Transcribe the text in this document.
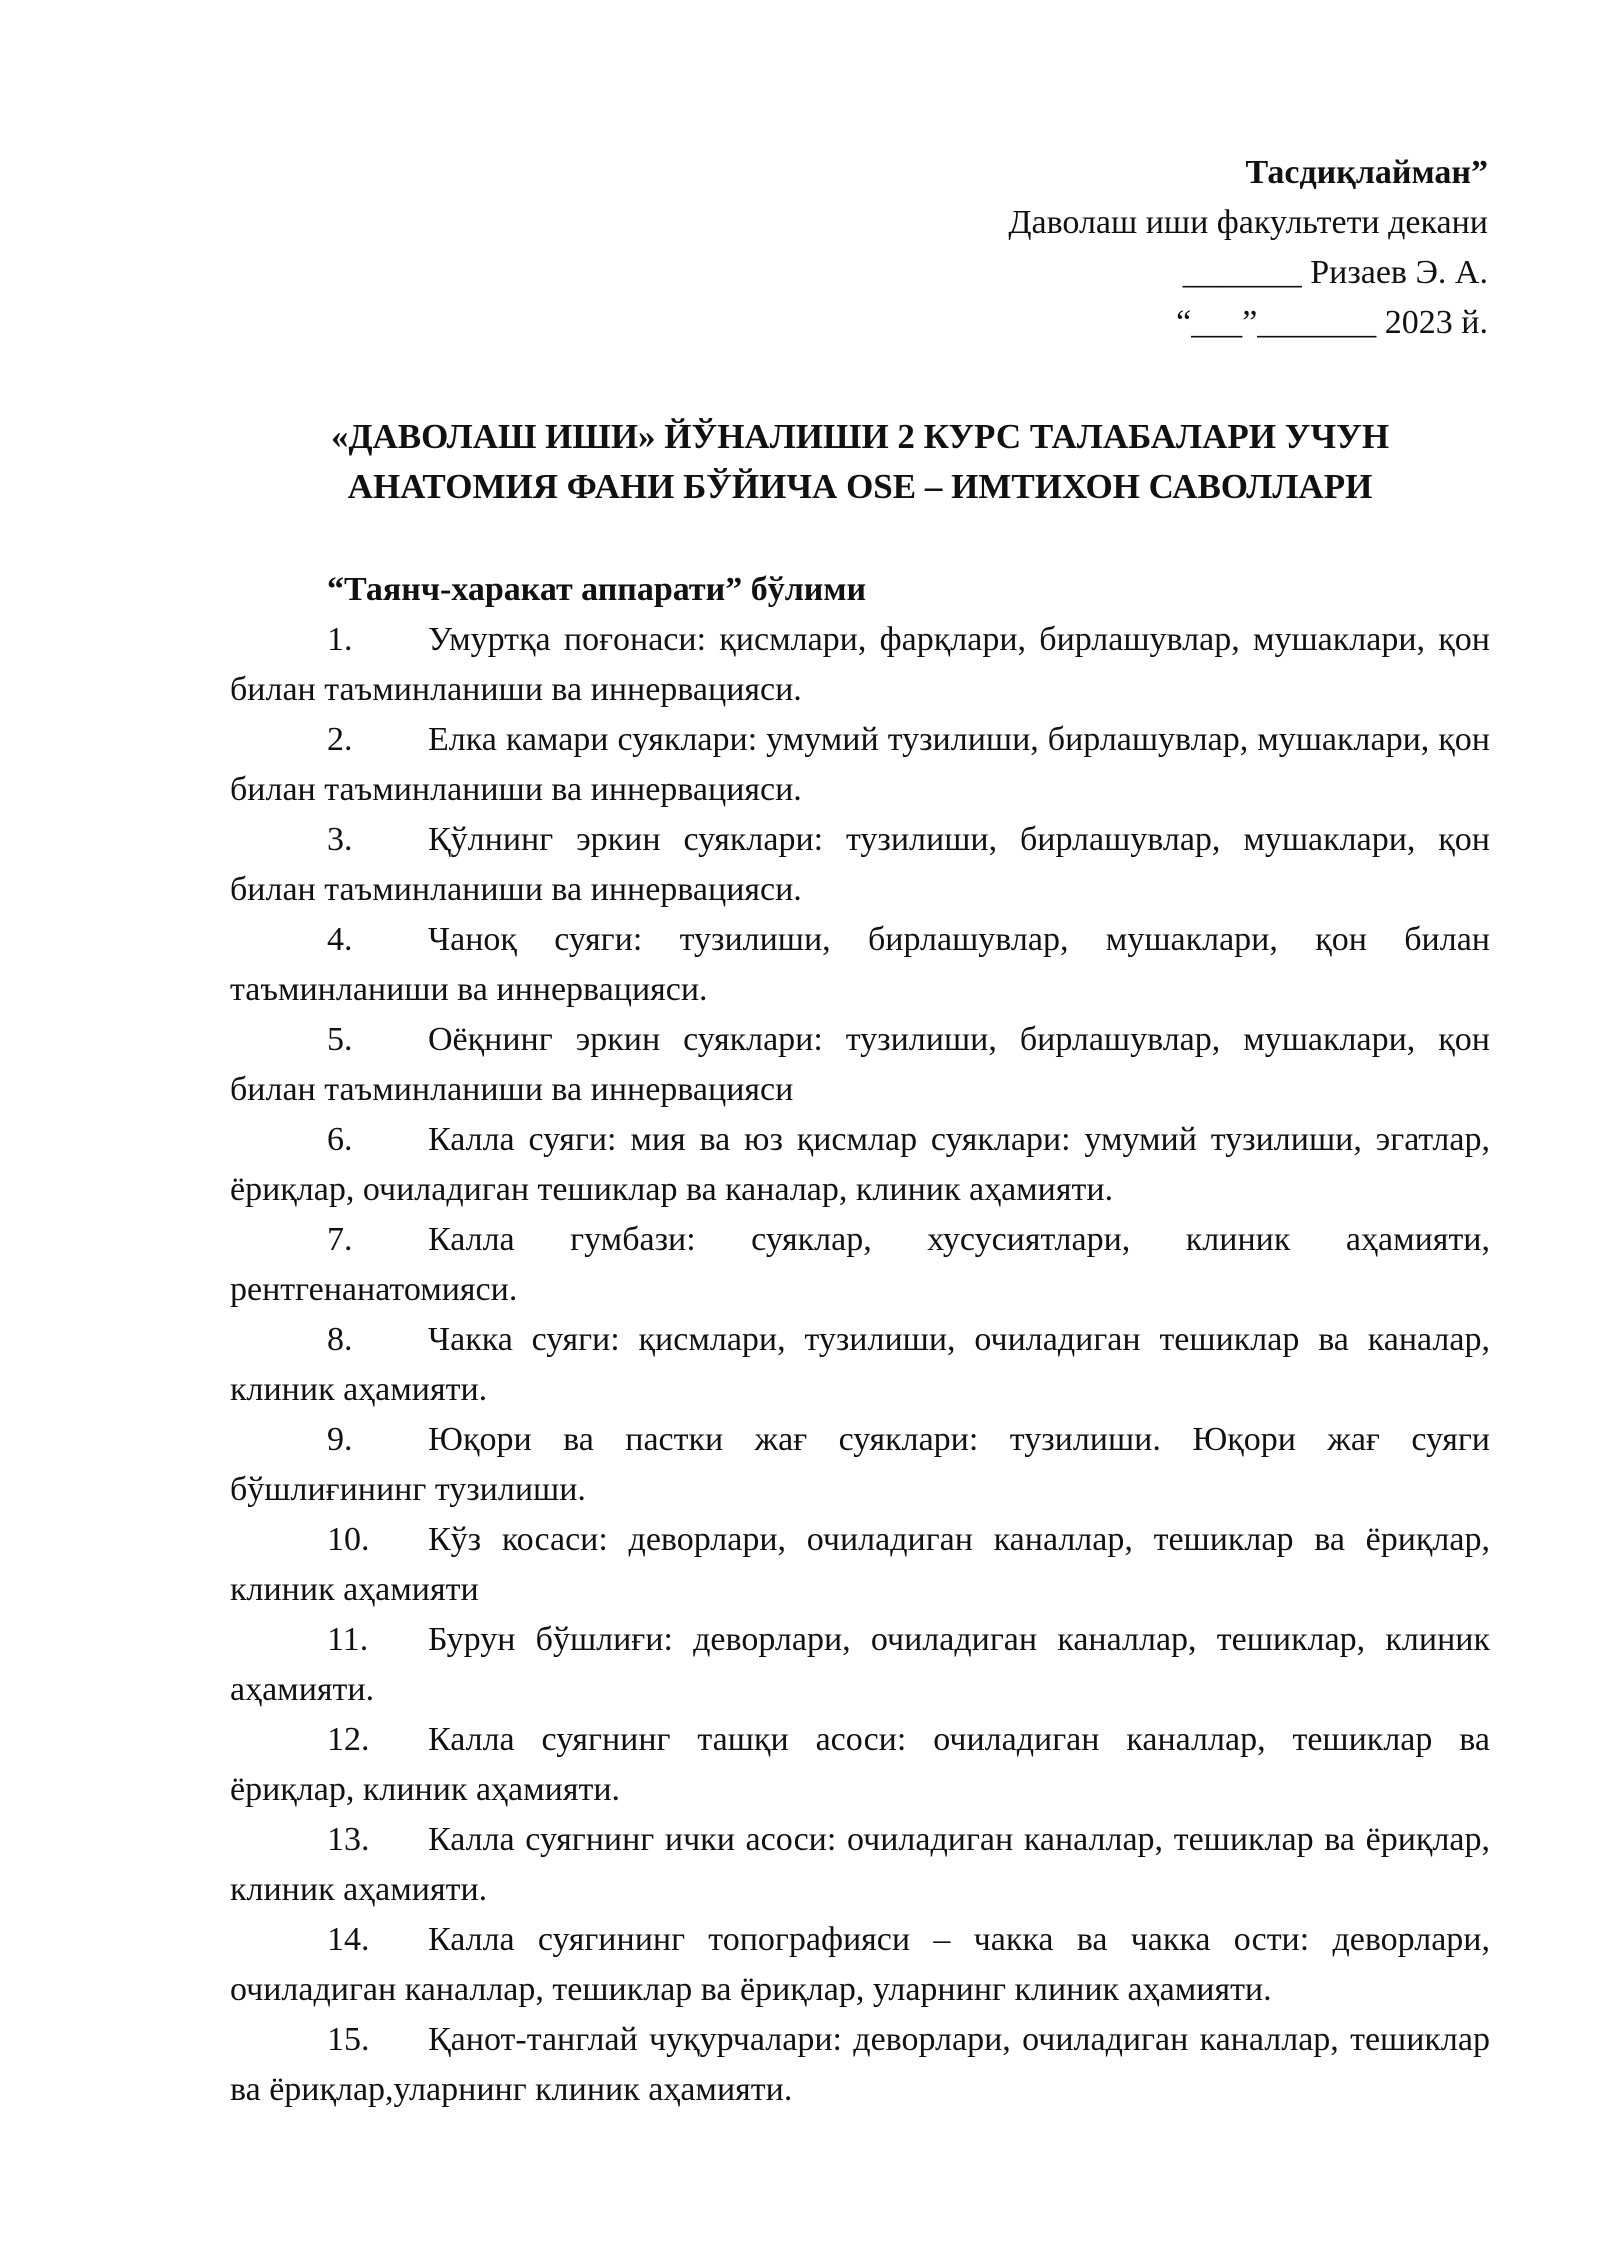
Тасдиқлайман”
Даволаш иши факультети декани
_______ Ризаев Э. А.
“___”_______ 2023 й.
«ДАВОЛАШ ИШИ» ЙЎНАЛИШИ 2 КУРС ТАЛАБАЛАРИ УЧУН
АНАТОМИЯ ФАНИ БЎЙИЧА OSE – ИМТИХОН САВОЛЛАРИ
“Таянч-харакат аппарати” бўлими
1. Умуртқа поғонаси: қисмлари, фарқлари, бирлашувлар, мушаклари, қон билан таъминланиши ва иннервацияси.
2. Елка камари суяклари: умумий тузилиши, бирлашувлар, мушаклари, қон билан таъминланиши ва иннервацияси.
3. Қўлнинг эркин суяклари: тузилиши, бирлашувлар, мушаклари, қон билан таъминланиши ва иннервацияси.
4. Чаноқ суяги: тузилиши, бирлашувлар, мушаклари, қон билан таъминланиши ва иннервацияси.
5. Оёқнинг эркин суяклари: тузилиши, бирлашувлар, мушаклари, қон билан таъминланиши ва иннервацияси
6. Калла суяги: мия ва юз қисмлар суяклари: умумий тузилиши, эгатлар, ёриқлар, очиладиган тешиклар ва каналар, клиник аҳамияти.
7. Калла гумбази: суяклар, хусусиятлари, клиник аҳамияти, рентгенанатомияси.
8. Чакка суяги: қисмлари, тузилиши, очиладиган тешиклар ва каналар, клиник аҳамияти.
9. Юқори ва пастки жағ суяклари: тузилиши. Юқори жағ суяги бўшлиғининг тузилиши.
10. Кўз косаси: деворлари, очиладиган каналлар, тешиклар ва ёриқлар, клиник аҳамияти
11. Бурун бўшлиғи: деворлари, очиладиган каналлар, тешиклар, клиник аҳамияти.
12. Калла суягнинг ташқи асоси: очиладиган каналлар, тешиклар ва ёриқлар, клиник аҳамияти.
13. Калла суягнинг ички асоси: очиладиган каналлар, тешиклар ва ёриқлар, клиник аҳамияти.
14. Калла суягининг топографияси – чакка ва чакка ости: деворлари, очиладиган каналлар, тешиклар ва ёриқлар, уларнинг клиник аҳамияти.
15. Қанот-танглай чуқурчалари: деворлари, очиладиган каналлар, тешиклар ва ёриқлар,уларнинг клиник аҳамияти.
